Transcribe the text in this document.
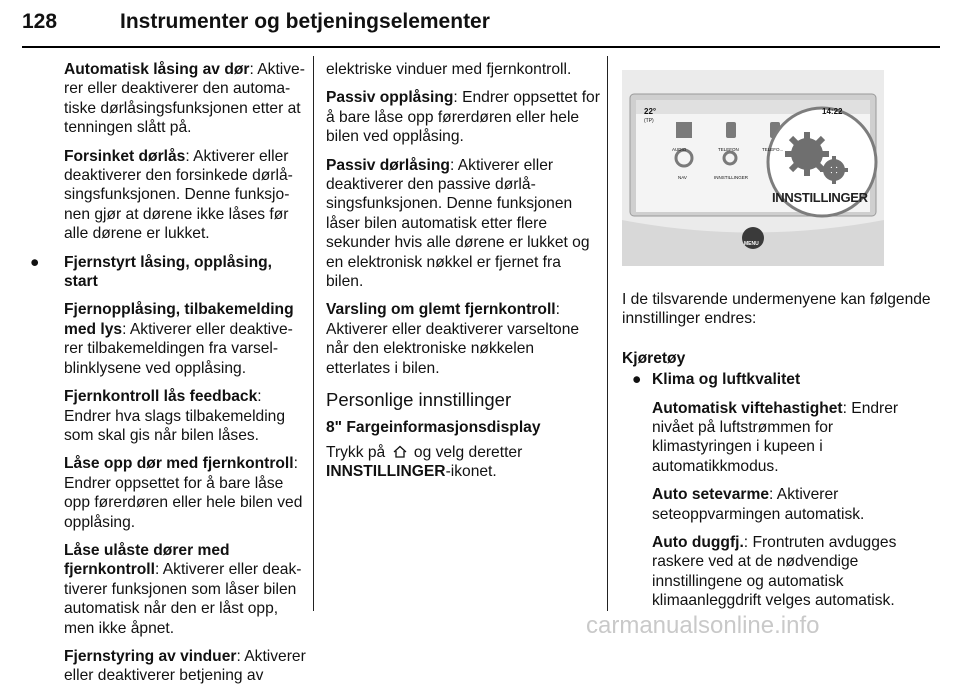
128	Instrumenter og betjeningselementer

Automatisk låsing av dør: Aktiverer eller deaktiverer den automatiske dørlåsingsfunksjonen etter at tenningen slått på.

Forsinket dørlås: Aktiverer eller deaktiverer den forsinkede dørlåsingsfunksjonen. Denne funksjonen gjør at dørene ikke låses før alle dørene er lukket.

● Fjernstyrt låsing, opplåsing, start

Fjernopplåsing, tilbakemelding med lys: Aktiverer eller deaktiverer tilbakemeldingen fra varselblinklysene ved opplåsing.

Fjernkontroll lås feedback: Endrer hva slags tilbakemelding som skal gis når bilen låses.

Låse opp dør med fjernkontroll: Endrer oppsettet for å bare låse opp førerdøren eller hele bilen ved opplåsing.

Låse ulåste dører med fjernkontroll: Aktiverer eller deaktiverer funksjonen som låser bilen automatisk når den er låst opp, men ikke åpnet.

Fjernstyring av vinduer: Aktiverer eller deaktiverer betjening av

elektriske vinduer med fjernkontroll.

Passiv opplåsing: Endrer oppsettet for å bare låse opp førerdøren eller hele bilen ved opplåsing.

Passiv dørlåsing: Aktiverer eller deaktiverer den passive dørlåsingsfunksjonen. Denne funksjonen låser bilen automatisk etter flere sekunder hvis alle dørene er lukket og en elektronisk nøkkel er fjernet fra bilen.

Varsling om glemt fjernkontroll: Aktiverer eller deaktiverer varseltone når den elektroniske nøkkelen etterlates i bilen.

Personlige innstillinger
8" Fargeinformasjonsdisplay

Trykk på og velg deretter
INNSTILLINGER-ikonet.

22°
(TP)
14:22
AUDIO	TELEFON	TELEFO...
NAV	INNSTILLINGER
INNSTILLINGER
MENU

I de tilsvarende undermenyene kan følgende innstillinger endres:

Kjøretøy

● Klima og luftkvalitet

Automatisk viftehastighet: Endrer nivået på luftstrømmen for klimastyringen i kupeen i automatikkmodus.

Auto setevarme: Aktiverer seteoppvarmingen automatisk.

Auto duggfj.: Frontruten avdugges raskere ved at de nødvendige innstillingene og automatisk klimaanleggdrift velges automatisk.

carmanualsonline.info
